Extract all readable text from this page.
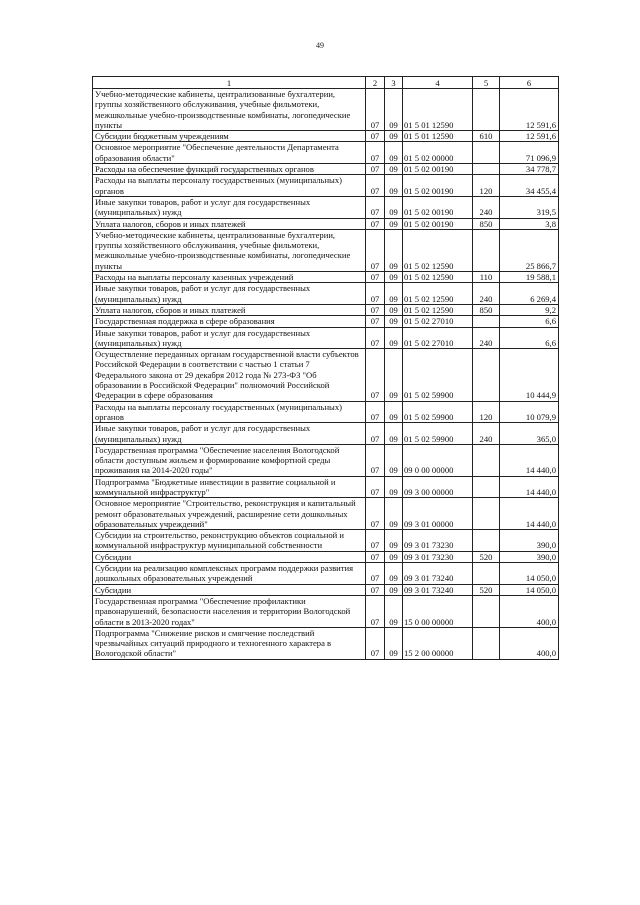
49
1	2	3	4	5	6
Учебно-методические кабинеты, централизованные бухгалтерии, группы хозяйственного обслуживания, учебные фильмотеки, межшкольные учебно-производственные комбинаты, логопедические пункты	07	09	01 5 01 12590		12 591,6
Субсидии бюджетным учреждениям	07	09	01 5 01 12590	610	12 591,6
Основное мероприятие "Обеспечение деятельности Департамента образования области"	07	09	01 5 02 00000		71 096,9
Расходы на обеспечение функций государственных органов	07	09	01 5 02 00190		34 778,7
Расходы на выплаты персоналу государственных (муниципальных) органов	07	09	01 5 02 00190	120	34 455,4
Иные закупки товаров, работ и услуг для государственных (муниципальных) нужд	07	09	01 5 02 00190	240	319,5
Уплата налогов, сборов и иных платежей	07	09	01 5 02 00190	850	3,8
Учебно-методические кабинеты, централизованные бухгалтерии, группы хозяйственного обслуживания, учебные фильмотеки, межшкольные учебно-производственные комбинаты, логопедические пункты	07	09	01 5 02 12590		25 866,7
Расходы на выплаты персоналу казенных учреждений	07	09	01 5 02 12590	110	19 588,1
Иные закупки товаров, работ и услуг для государственных (муниципальных) нужд	07	09	01 5 02 12590	240	6 269,4
Уплата налогов, сборов и иных платежей	07	09	01 5 02 12590	850	9,2
Государственная поддержка в сфере образования	07	09	01 5 02 27010		6,6
Иные закупки товаров, работ и услуг для государственных (муниципальных) нужд	07	09	01 5 02 27010	240	6,6
Осуществление переданных органам государственной власти субъектов Российской Федерации в соответствии с частью 1 статьи 7 Федерального закона от 29 декабря 2012 года № 273-ФЗ "Об образовании в Российской Федерации" полномочий Российской Федерации в сфере образования	07	09	01 5 02 59900		10 444,9
Расходы на выплаты персоналу государственных (муниципальных) органов	07	09	01 5 02 59900	120	10 079,9
Иные закупки товаров, работ и услуг для государственных (муниципальных) нужд	07	09	01 5 02 59900	240	365,0
Государственная программа "Обеспечение населения Вологодской области доступным жильем и формирование комфортной среды проживания на 2014-2020 годы"	07	09	09 0 00 00000		14 440,0
Подпрограмма "Бюджетные инвестиции в развитие социальной и коммунальной инфраструктур"	07	09	09 3 00 00000		14 440,0
Основное мероприятие "Строительство, реконструкция и капитальный ремонт образовательных учреждений, расширение сети дошкольных образовательных учреждений"	07	09	09 3 01 00000		14 440,0
Субсидии на строительство, реконструкцию объектов социальной и коммунальной инфраструктур муниципальной собственности	07	09	09 3 01 73230		390,0
Субсидии	07	09	09 3 01 73230	520	390,0
Субсидии на реализацию комплексных программ поддержки развития дошкольных образовательных учреждений	07	09	09 3 01 73240		14 050,0
Субсидии	07	09	09 3 01 73240	520	14 050,0
Государственная программа "Обеспечение профилактики правонарушений, безопасности населения и территории Вологодской области в 2013-2020 годах"	07	09	15 0 00 00000		400,0
Подпрограмма "Снижение рисков и смягчение последствий чрезвычайных ситуаций природного и техногенного характера в Вологодской области"	07	09	15 2 00 00000		400,0
